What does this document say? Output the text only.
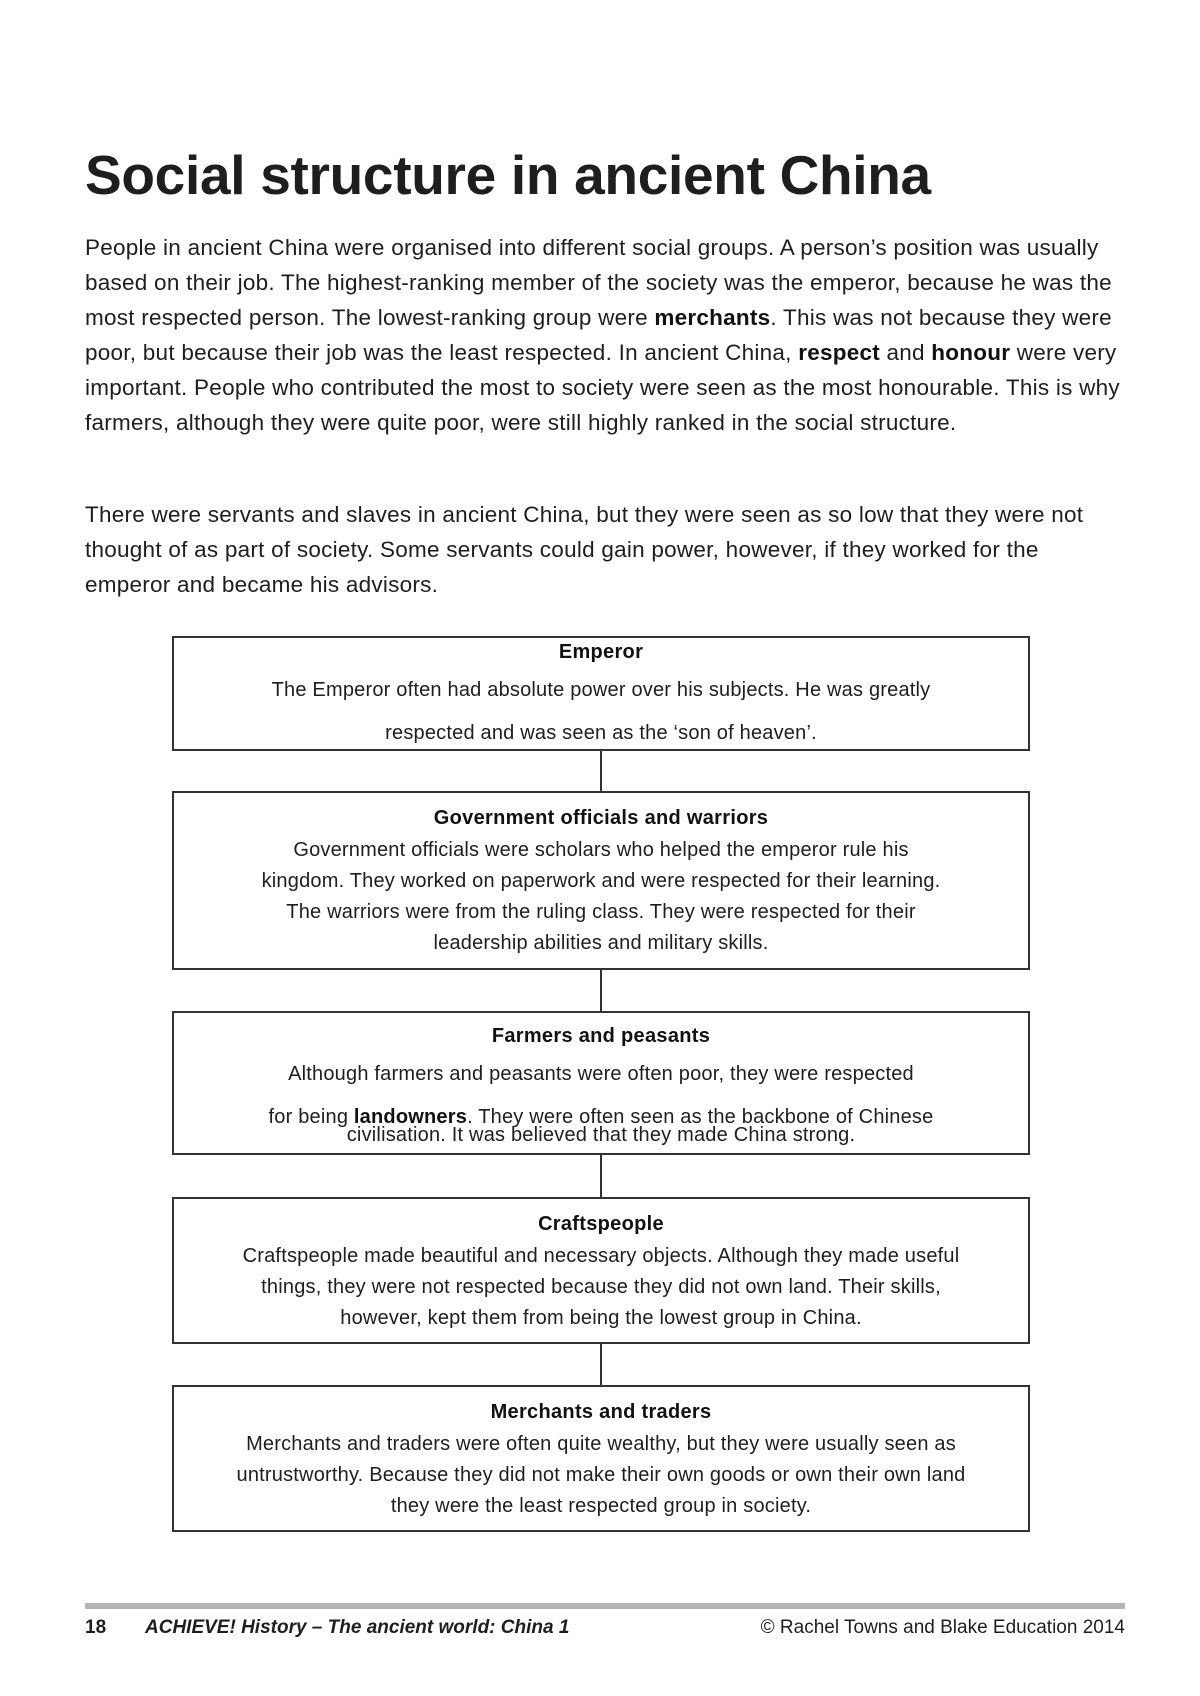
Social structure in ancient China

People in ancient China were organised into different social groups. A person’s position was usually based on their job. The highest-ranking member of the society was the emperor, because he was the most respected person. The lowest-ranking group were merchants. This was not because they were poor, but because their job was the least respected. In ancient China, respect and honour were very important. People who contributed the most to society were seen as the most honourable. This is why farmers, although they were quite poor, were still highly ranked in the social structure.

There were servants and slaves in ancient China, but they were seen as so low that they were not thought of as part of society. Some servants could gain power, however, if they worked for the emperor and became his advisors.

Emperor
The Emperor often had absolute power over his subjects. He was greatly respected and was seen as the ‘son of heaven’.
Government officials and warriors
Government officials were scholars who helped the emperor rule his kingdom. They worked on paperwork and were respected for their learning. The warriors were from the ruling class. They were respected for their leadership abilities and military skills.
Farmers and peasants
Although farmers and peasants were often poor, they were respected
for being landowners. They were often seen as the backbone of Chinese
civilisation. It was believed that they made China strong.
Craftspeople
Craftspeople made beautiful and necessary objects. Although they made useful things, they were not respected because they did not own land. Their skills, however, kept them from being the lowest group in China.
Merchants and traders
Merchants and traders were often quite wealthy, but they were usually seen as untrustworthy. Because they did not make their own goods or own their own land they were the least respected group in society.
18 ACHIEVE! History – The ancient world: China 1	© Rachel Towns and Blake Education 2014
